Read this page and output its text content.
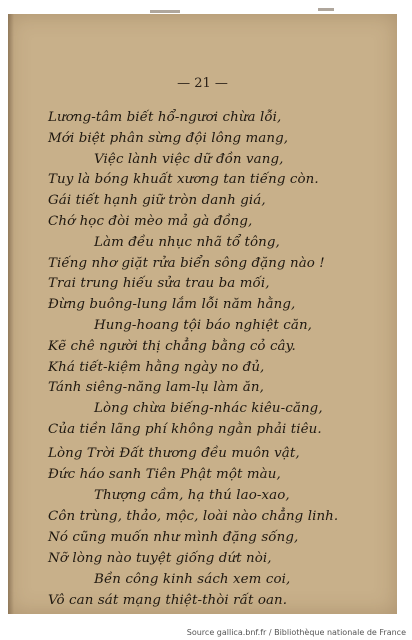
— 21 —
Lương-tâm biết hổ-ngươi chừa lỗi,
Mới biệt phân sừng đội lông mang,
Việc lành việc dữ đồn vang,
Tuy là bóng khuất xương tan tiếng còn.
Gái tiết hạnh giữ tròn danh giá,
Chớ học đòi mèo mả gà đồng,
Làm đều nhục nhã tổ tông,
Tiếng nhơ giặt rửa biển sông đặng nào !
Trai trung hiếu sửa trau ba mối,
Đừng buông-lung lắm lỗi năm hằng,
Hung-hoang tội báo nghiệt căn,
Kẽ chê người thị chẳng bằng cỏ cây.
Khá tiết-kiệm hằng ngày no đủ,
Tánh siêng-năng lam-lụ làm ăn,
Lòng chừa biếng-nhác kiêu-căng,
Của tiền lãng phí không ngằn phải tiêu.
Lòng Trời Đất thương đều muôn vật,
Đức háo sanh Tiên Phật một màu,
Thượng cầm, hạ thú lao-xao,
Côn trùng, thảo, mộc, loài nào chẳng linh.
Nó cũng muốn như mình đặng sống,
Nỡ lòng nào tuyệt giống dứt nòi,
Bền công kinh sách xem coi,
Vô can sát mạng thiệt-thòi rất oan.
Source gallica.bnf.fr / Bibliothèque nationale de France
